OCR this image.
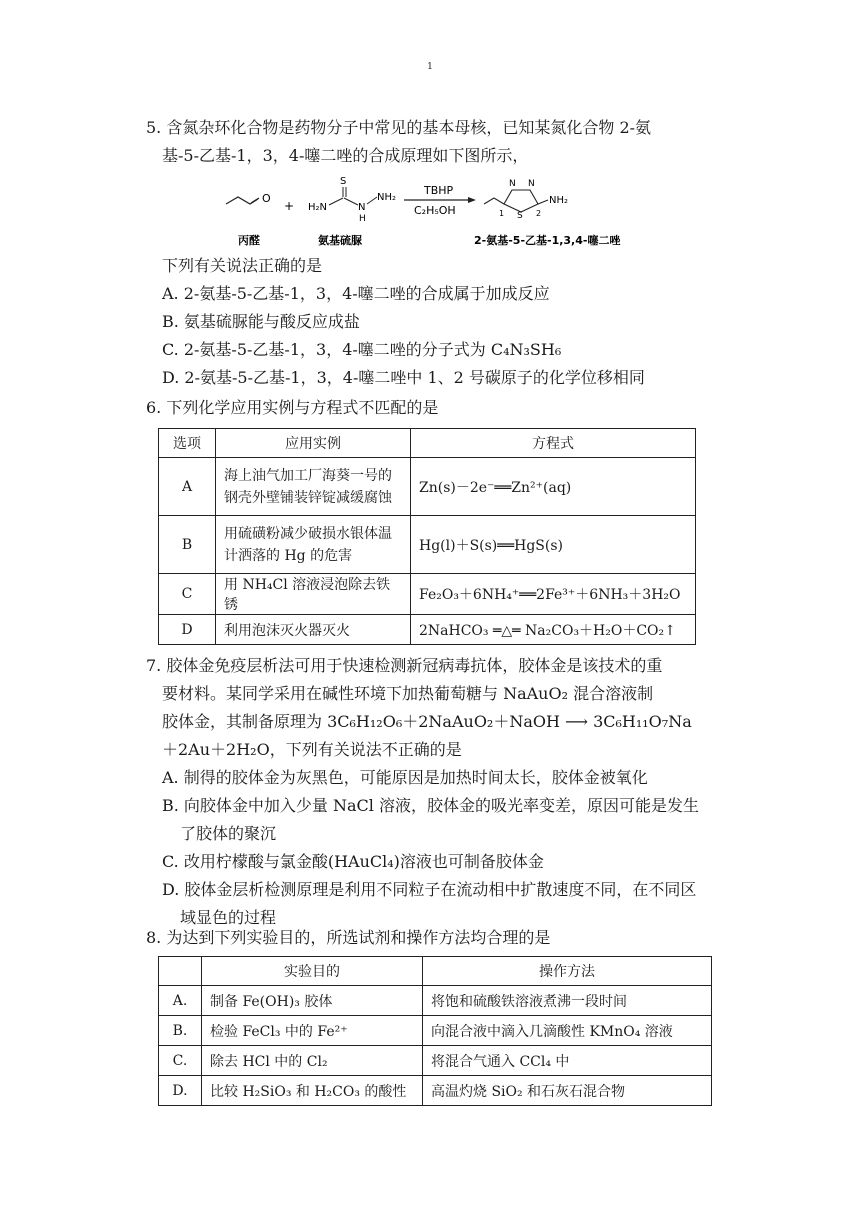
1

5. 含氮杂环化合物是药物分子中常见的基本母核，已知某氮化合物 2-氨

基-5-乙基-1，3，4-噻二唑的合成原理如下图所示，

O
+
S
H₂N	N
H
NH₂
TBHP
C₂H₅OH
N N
S
1	2
NH₂
丙醛	氨基硫脲	2-氨基-5-乙基-1,3,4-噻二唑

下列有关说法正确的是

A. 2-氨基-5-乙基-1，3，4-噻二唑的合成属于加成反应

B. 氨基硫脲能与酸反应成盐

C. 2-氨基-5-乙基-1，3，4-噻二唑的分子式为 C₄N₃SH₆

D. 2-氨基-5-乙基-1，3，4-噻二唑中 1、2 号碳原子的化学位移相同

6. 下列化学应用实例与方程式不匹配的是

选项	应用实例	方程式
A	海上油气加工厂海葵一号的钢壳外壁铺装锌锭减缓腐蚀	Zn(s)－2e⁻══Zn²⁺(aq)
B	用硫磺粉减少破损水银体温计洒落的 Hg 的危害	Hg(l)＋S(s)══HgS(s)
C	用 NH₄Cl 溶液浸泡除去铁锈	Fe₂O₃＋6NH₄⁺══2Fe³⁺＋6NH₃＋3H₂O
D	利用泡沫灭火器灭火	2NaHCO₃ ═△═ Na₂CO₃＋H₂O＋CO₂↑

7. 胶体金免疫层析法可用于快速检测新冠病毒抗体，胶体金是该技术的重

要材料。某同学采用在碱性环境下加热葡萄糖与 NaAuO₂ 混合溶液制

胶体金，其制备原理为 3C₆H₁₂O₆＋2NaAuO₂＋NaOH ⟶ 3C₆H₁₁O₇Na

＋2Au＋2H₂O，下列有关说法不正确的是

A. 制得的胶体金为灰黑色，可能原因是加热时间太长，胶体金被氧化

B. 向胶体金中加入少量 NaCl 溶液，胶体金的吸光率变差，原因可能是发生了胶体的聚沉

C. 改用柠檬酸与氯金酸(HAuCl₄)溶液也可制备胶体金

D. 胶体金层析检测原理是利用不同粒子在流动相中扩散速度不同，在不同区域显色的过程

8. 为达到下列实验目的，所选试剂和操作方法均合理的是

	实验目的	操作方法
A.	制备 Fe(OH)₃ 胶体	将饱和硫酸铁溶液煮沸一段时间
B.	检验 FeCl₃ 中的 Fe²⁺	向混合液中滴入几滴酸性 KMnO₄ 溶液
C.	除去 HCl 中的 Cl₂	将混合气通入 CCl₄ 中
D.	比较 H₂SiO₃ 和 H₂CO₃ 的酸性	高温灼烧 SiO₂ 和石灰石混合物
